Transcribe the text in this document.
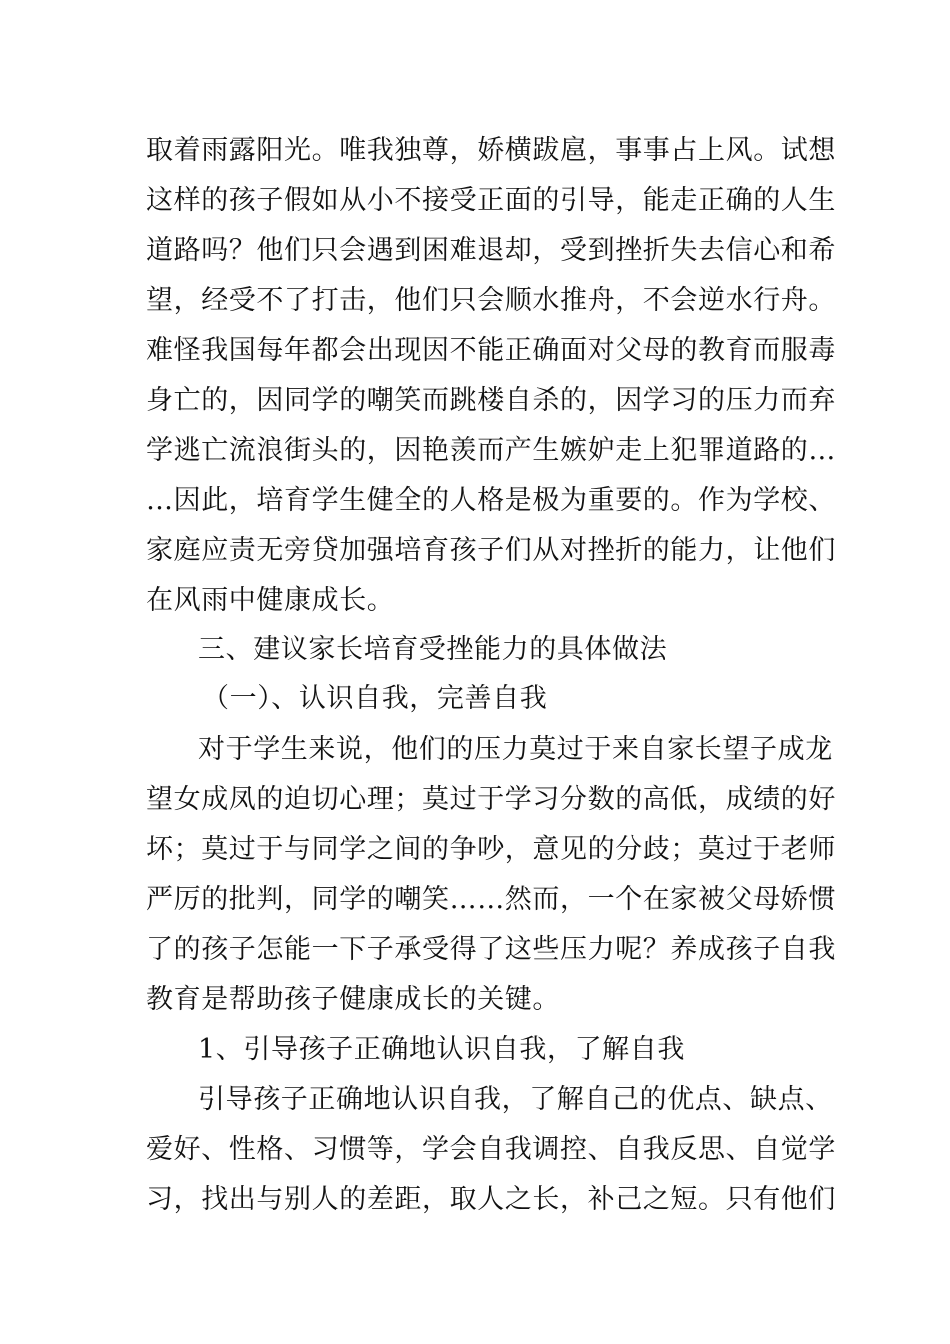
取着雨露阳光。唯我独尊，娇横跋扈，事事占上风。试想
这样的孩子假如从小不接受正面的引导，能走正确的人生
道路吗？他们只会遇到困难退却，受到挫折失去信心和希
望，经受不了打击，他们只会顺水推舟，不会逆水行舟。
难怪我国每年都会出现因不能正确面对父母的教育而服毒
身亡的，因同学的嘲笑而跳楼自杀的，因学习的压力而弃
学逃亡流浪街头的，因艳羡而产生嫉妒走上犯罪道路的…
…因此，培育学生健全的人格是极为重要的。作为学校、
家庭应责无旁贷加强培育孩子们从对挫折的能力，让他们
在风雨中健康成长。
三、建议家长培育受挫能力的具体做法
（一）、认识自我，完善自我
对于学生来说，他们的压力莫过于来自家长望子成龙
望女成凤的迫切心理；莫过于学习分数的高低，成绩的好
坏；莫过于与同学之间的争吵，意见的分歧；莫过于老师
严厉的批判，同学的嘲笑……然而，一个在家被父母娇惯
了的孩子怎能一下子承受得了这些压力呢？养成孩子自我
教育是帮助孩子健康成长的关键。
1、引导孩子正确地认识自我，了解自我
引导孩子正确地认识自我，了解自己的优点、缺点、
爱好、性格、习惯等，学会自我调控、自我反思、自觉学
习，找出与别人的差距，取人之长，补己之短。只有他们
